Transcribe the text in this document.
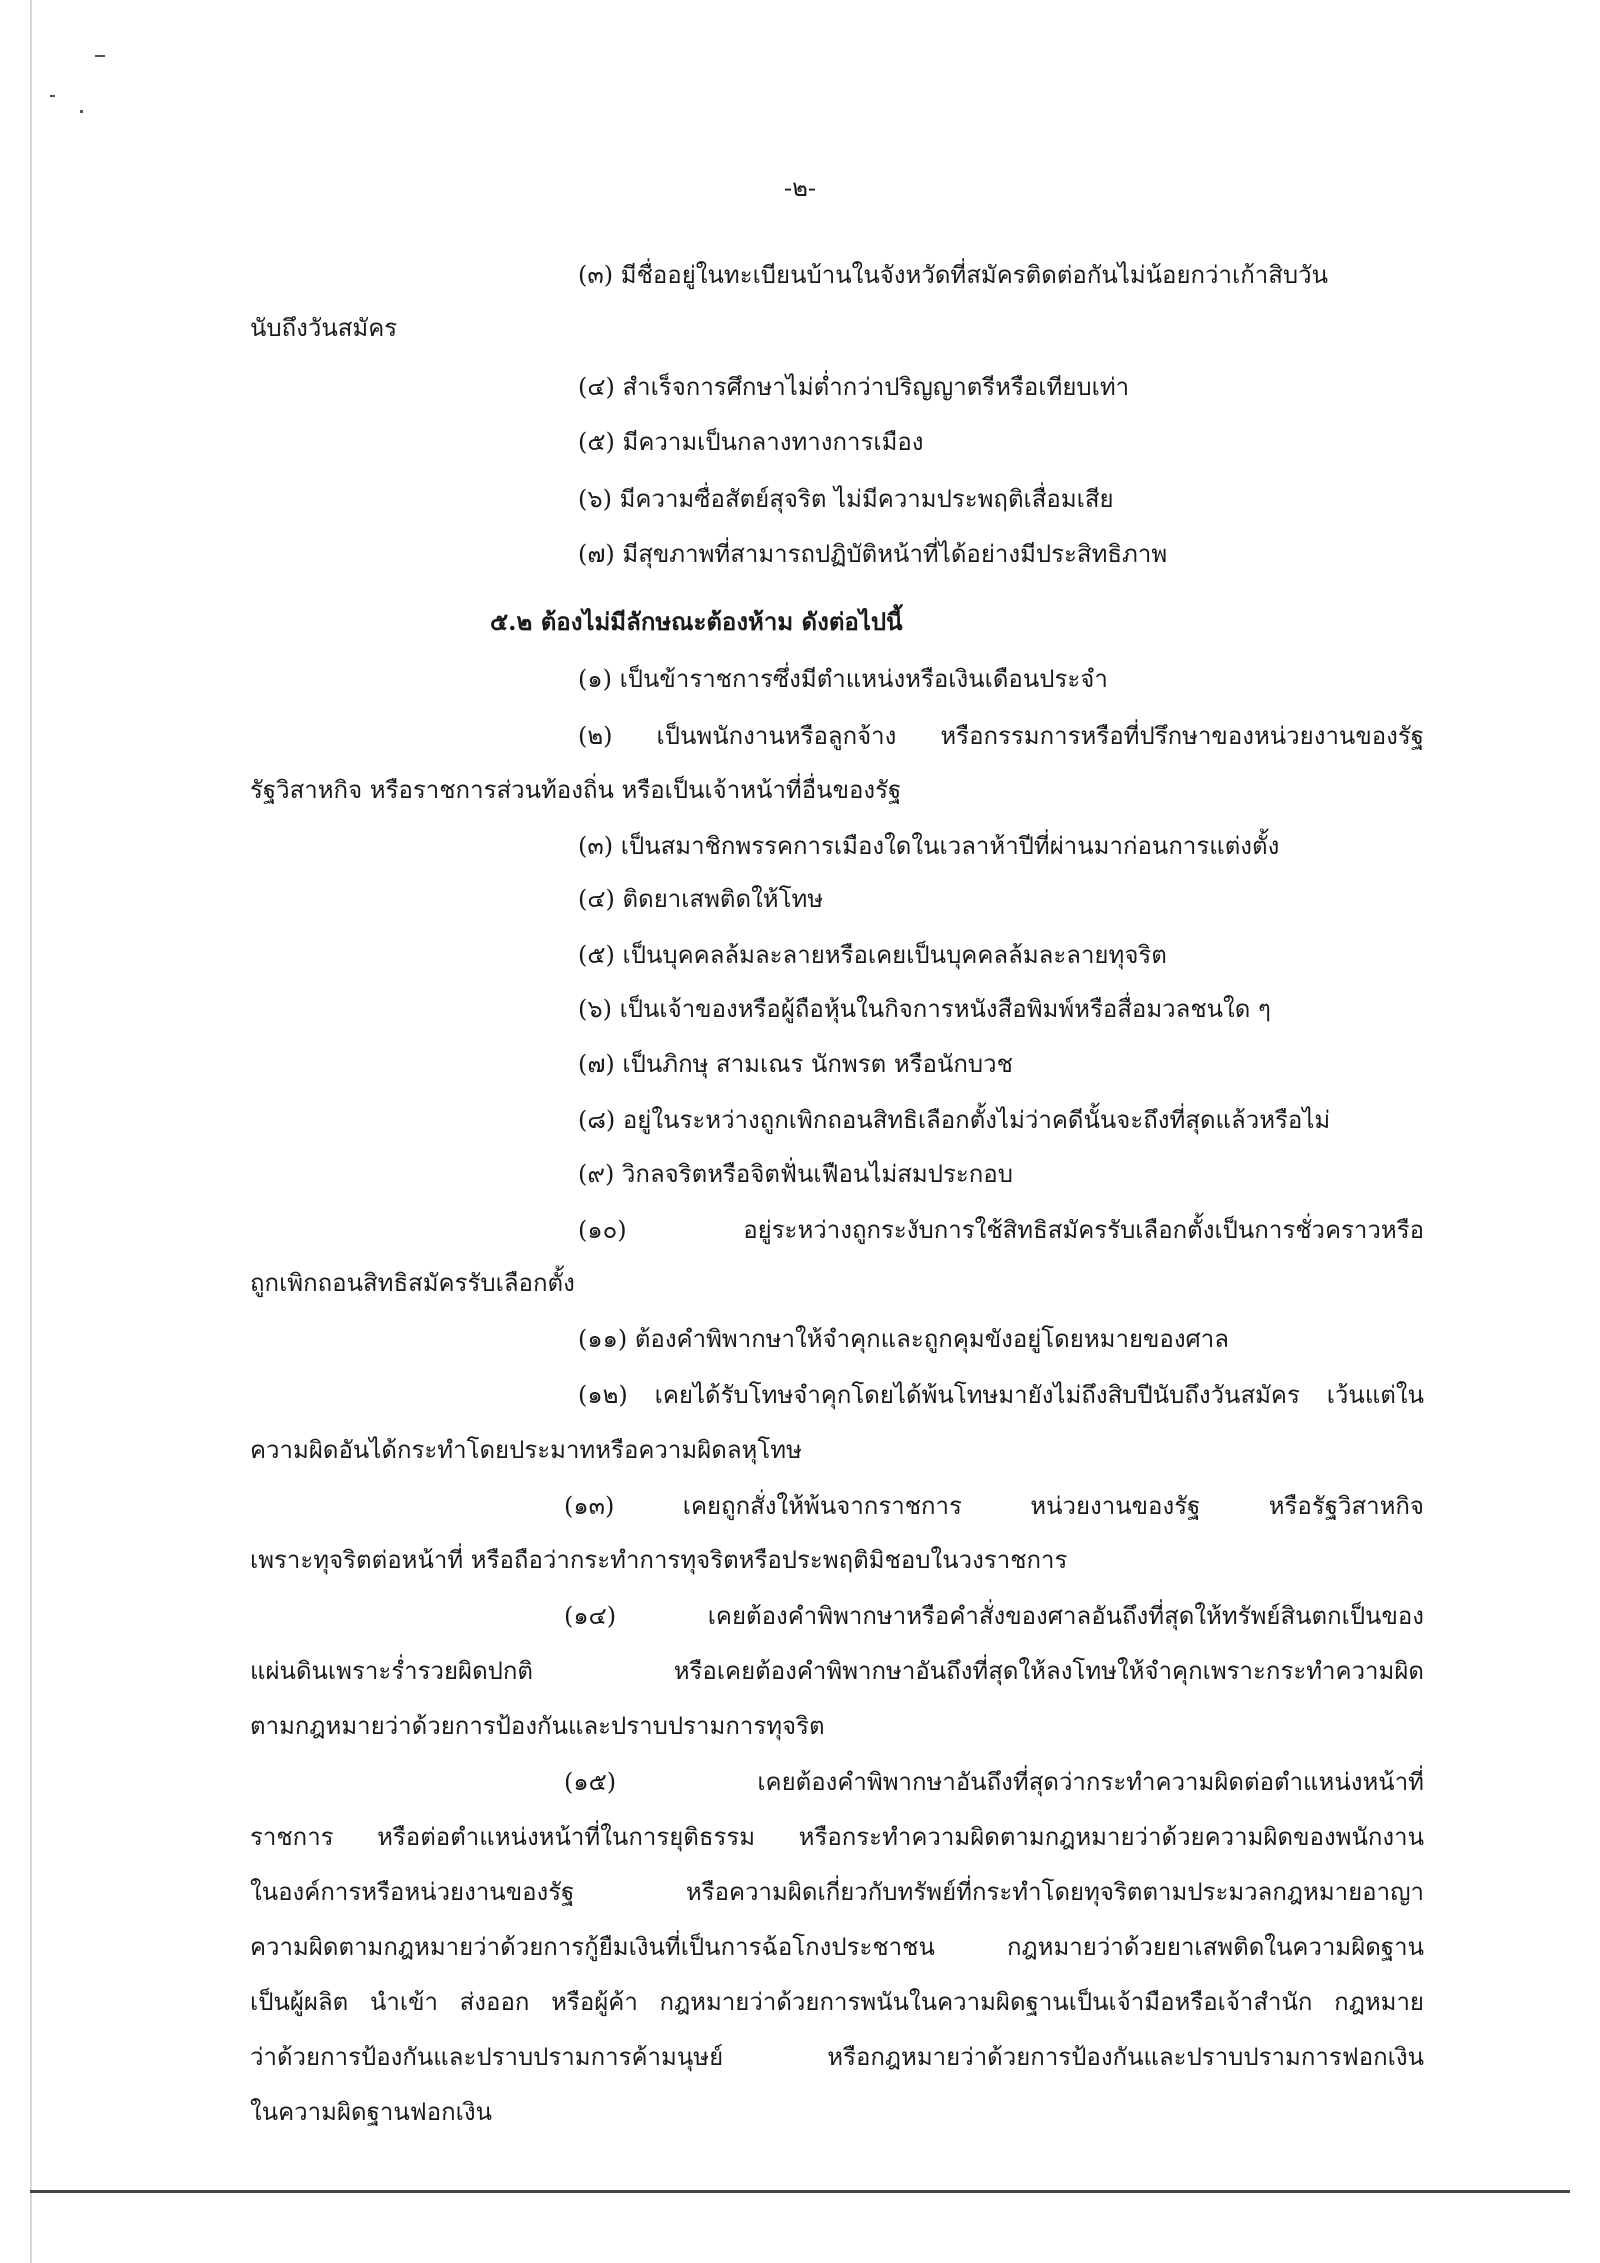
-๒-
(๓) มีชื่ออยู่ในทะเบียนบ้านในจังหวัดที่สมัครติดต่อกันไม่น้อยกว่าเก้าสิบวัน
นับถึงวันสมัคร
(๔) สำเร็จการศึกษาไม่ต่ำกว่าปริญญาตรีหรือเทียบเท่า
(๕) มีความเป็นกลางทางการเมือง
(๖) มีความซื่อสัตย์สุจริต ไม่มีความประพฤติเสื่อมเสีย
(๗) มีสุขภาพที่สามารถปฏิบัติหน้าที่ได้อย่างมีประสิทธิภาพ
๕.๒ ต้องไม่มีลักษณะต้องห้าม ดังต่อไปนี้
(๑) เป็นข้าราชการซึ่งมีตำแหน่งหรือเงินเดือนประจำ
(๒) เป็นพนักงานหรือลูกจ้าง หรือกรรมการหรือที่ปรึกษาของหน่วยงานของรัฐ
รัฐวิสาหกิจ หรือราชการส่วนท้องถิ่น หรือเป็นเจ้าหน้าที่อื่นของรัฐ
(๓) เป็นสมาชิกพรรคการเมืองใดในเวลาห้าปีที่ผ่านมาก่อนการแต่งตั้ง
(๔) ติดยาเสพติดให้โทษ
(๕) เป็นบุคคลล้มละลายหรือเคยเป็นบุคคลล้มละลายทุจริต
(๖) เป็นเจ้าของหรือผู้ถือหุ้นในกิจการหนังสือพิมพ์หรือสื่อมวลชนใด ๆ
(๗) เป็นภิกษุ สามเณร นักพรต หรือนักบวช
(๘) อยู่ในระหว่างถูกเพิกถอนสิทธิเลือกตั้งไม่ว่าคดีนั้นจะถึงที่สุดแล้วหรือไม่
(๙) วิกลจริตหรือจิตฟั่นเฟือนไม่สมประกอบ
(๑๐) อยู่ระหว่างถูกระงับการใช้สิทธิสมัครรับเลือกตั้งเป็นการชั่วคราวหรือ
ถูกเพิกถอนสิทธิสมัครรับเลือกตั้ง
(๑๑) ต้องคำพิพากษาให้จำคุกและถูกคุมขังอยู่โดยหมายของศาล
(๑๒) เคยได้รับโทษจำคุกโดยได้พ้นโทษมายังไม่ถึงสิบปีนับถึงวันสมัคร เว้นแต่ใน
ความผิดอันได้กระทำโดยประมาทหรือความผิดลหุโทษ
(๑๓) เคยถูกสั่งให้พ้นจากราชการ หน่วยงานของรัฐ หรือรัฐวิสาหกิจ
เพราะทุจริตต่อหน้าที่ หรือถือว่ากระทำการทุจริตหรือประพฤติมิชอบในวงราชการ
(๑๔) เคยต้องคำพิพากษาหรือคำสั่งของศาลอันถึงที่สุดให้ทรัพย์สินตกเป็นของ
แผ่นดินเพราะร่ำรวยผิดปกติ หรือเคยต้องคำพิพากษาอันถึงที่สุดให้ลงโทษให้จำคุกเพราะกระทำความผิด
ตามกฎหมายว่าด้วยการป้องกันและปราบปรามการทุจริต
(๑๕) เคยต้องคำพิพากษาอันถึงที่สุดว่ากระทำความผิดต่อตำแหน่งหน้าที่
ราชการ หรือต่อตำแหน่งหน้าที่ในการยุติธรรม หรือกระทำความผิดตามกฎหมายว่าด้วยความผิดของพนักงาน
ในองค์การหรือหน่วยงานของรัฐ หรือความผิดเกี่ยวกับทรัพย์ที่กระทำโดยทุจริตตามประมวลกฎหมายอาญา
ความผิดตามกฎหมายว่าด้วยการกู้ยืมเงินที่เป็นการฉ้อโกงประชาชน กฎหมายว่าด้วยยาเสพติดในความผิดฐาน
เป็นผู้ผลิต นำเข้า ส่งออก หรือผู้ค้า กฎหมายว่าด้วยการพนันในความผิดฐานเป็นเจ้ามือหรือเจ้าสำนัก กฎหมาย
ว่าด้วยการป้องกันและปราบปรามการค้ามนุษย์ หรือกฎหมายว่าด้วยการป้องกันและปราบปรามการฟอกเงิน
ในความผิดฐานฟอกเงิน
